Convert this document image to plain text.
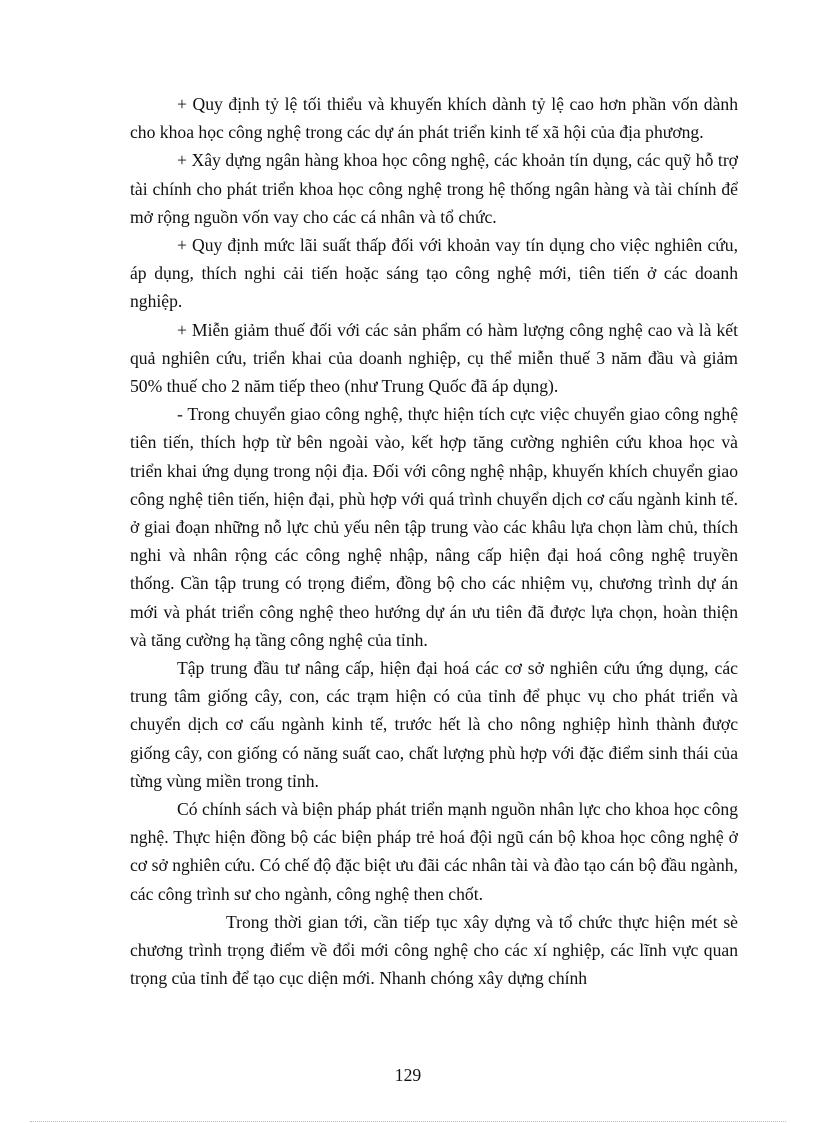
+ Quy định tỷ lệ tối thiểu và khuyến khích dành tỷ lệ cao hơn phần vốn dành cho khoa học công nghệ trong các dự án phát triển kinh tế xã hội của địa phương.

+ Xây dựng ngân hàng khoa học công nghệ, các khoản tín dụng, các quỹ hỗ trợ tài chính cho phát triển khoa học công nghệ trong hệ thống ngân hàng và tài chính để mở rộng nguồn vốn vay cho các cá nhân và tổ chức.

+ Quy định mức lãi suất thấp đối với khoản vay tín dụng cho việc nghiên cứu, áp dụng, thích nghi cải tiến hoặc sáng tạo công nghệ mới, tiên tiến ở các doanh nghiệp.

+ Miễn giảm thuế đối với các sản phẩm có hàm lượng công nghệ cao và là kết quả nghiên cứu, triển khai của doanh nghiệp, cụ thể miễn thuế 3 năm đầu và giảm 50% thuế cho 2 năm tiếp theo (như Trung Quốc đã áp dụng).

- Trong chuyển giao công nghệ, thực hiện tích cực việc chuyển giao công nghệ tiên tiến, thích hợp từ bên ngoài vào, kết hợp tăng cường nghiên cứu khoa học và triển khai ứng dụng trong nội địa. Đối với công nghệ nhập, khuyến khích chuyển giao công nghệ tiên tiến, hiện đại, phù hợp với quá trình chuyển dịch cơ cấu ngành kinh tế. ở giai đoạn những nỗ lực chủ yếu nên tập trung vào các khâu lựa chọn làm chủ, thích nghi và nhân rộng các công nghệ nhập, nâng cấp hiện đại hoá công nghệ truyền thống. Cần tập trung có trọng điểm, đồng bộ cho các nhiệm vụ, chương trình dự án mới và phát triển công nghệ theo hướng dự án ưu tiên đã được lựa chọn, hoàn thiện và tăng cường hạ tầng công nghệ của tỉnh.

Tập trung đầu tư nâng cấp, hiện đại hoá các cơ sở nghiên cứu ứng dụng, các trung tâm giống cây, con, các trạm hiện có của tỉnh để phục vụ cho phát triển và chuyển dịch cơ cấu ngành kinh tế, trước hết là cho nông nghiệp hình thành được giống cây, con giống có năng suất cao, chất lượng phù hợp với đặc điểm sinh thái của từng vùng miền trong tỉnh.

Có chính sách và biện pháp phát triển mạnh nguồn nhân lực cho khoa học công nghệ. Thực hiện đồng bộ các biện pháp trẻ hoá đội ngũ cán bộ khoa học công nghệ ở cơ sở nghiên cứu. Có chế độ đặc biệt ưu đãi các nhân tài và đào tạo cán bộ đầu ngành, các công trình sư cho ngành, công nghệ then chốt.

Trong thời gian tới, cần tiếp tục xây dựng và tổ chức thực hiện mét sè chương trình trọng điểm về đổi mới công nghệ cho các xí nghiệp, các lĩnh vực quan trọng của tỉnh để tạo cục diện mới. Nhanh chóng xây dựng chính

129
